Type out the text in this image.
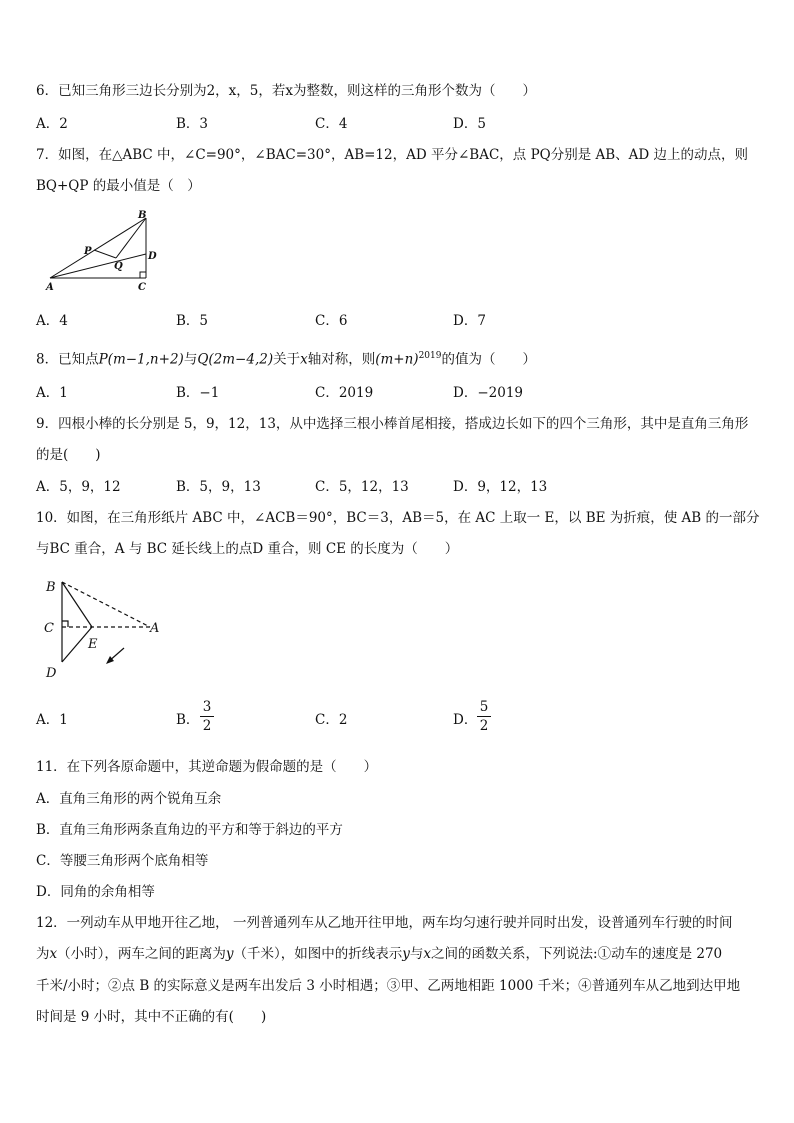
6．已知三角形三边长分别为2，x，5，若x为整数，则这样的三角形个数为（　　）
A．2	B．3	C．4	D．5
7．如图，在△ABC 中，∠C=90°，∠BAC=30°，AB=12，AD 平分∠BAC，点 PQ分别是 AB、AD 边上的动点，则
BQ+QP 的最小值是（　）
B
P
Q
D
A	C
A．4	B．5	C．6	D．7
8．已知点P(m−1,n+2)与Q(2m−4,2)关于x轴对称，则$(m+n)^{2019}$的值为（　　）
A．1	B．−1	C．2019	D．−2019
9．四根小棒的长分别是 5，9，12，13，从中选择三根小棒首尾相接，搭成边长如下的四个三角形，其中是直角三角形
的是(　　)
A．5，9，12	B．5，9，13	C．5，12，13	D．9，12，13
10．如图，在三角形纸片 ABC 中，∠ACB＝90°，BC＝3，AB＝5，在 AC 上取一 E，以 BE 为折痕，使 AB 的一部分
与BC 重合，A 与 BC 延长线上的点D 重合，则 CE 的长度为（　　）
B
C
E
A
D
A．1	B．
3
2	C．2	D．
5
2
11．在下列各原命题中，其逆命题为假命题的是（　　）
A．直角三角形的两个锐角互余
B．直角三角形两条直角边的平方和等于斜边的平方
C．等腰三角形两个底角相等
D．同角的余角相等
12．一列动车从甲地开往乙地， 一列普通列车从乙地开往甲地，两车均匀速行驶并同时出发，设普通列车行驶的时间
为x（小时），两车之间的距离为y（千米），如图中的折线表示y与x之间的函数关系，下列说法:①动车的速度是 270
千米/小时；②点 B 的实际意义是两车出发后 3 小时相遇；③甲、乙两地相距 1000 千米；④普通列车从乙地到达甲地
时间是 9 小时，其中不正确的有(　　)
